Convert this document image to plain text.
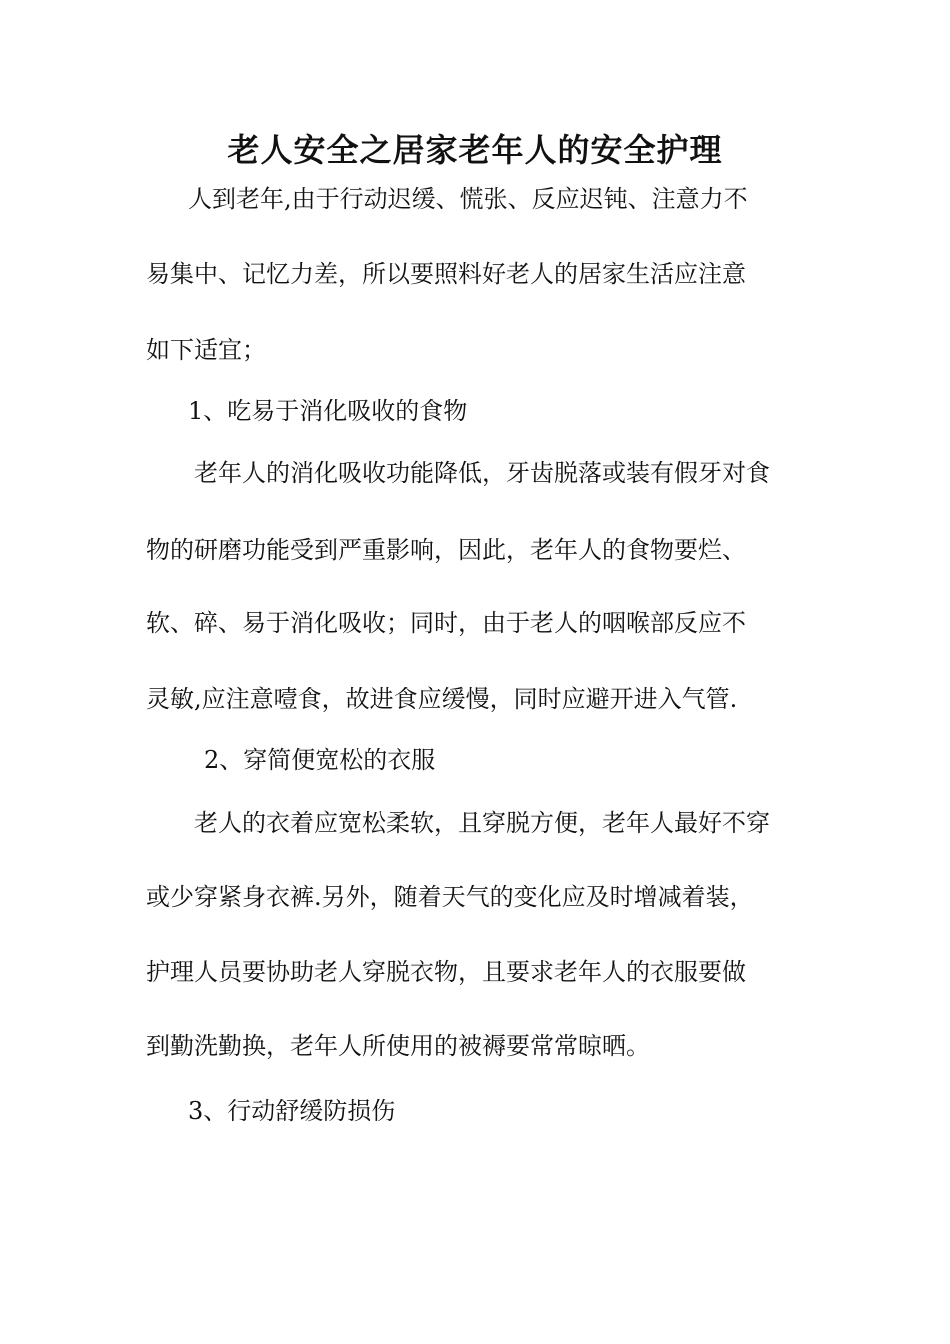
老人安全之居家老年人的安全护理

人到老年,由于行动迟缓、慌张、反应迟钝、注意力不

易集中、记忆力差，所以要照料好老人的居家生活应注意

如下适宜；

1、吃易于消化吸收的食物

老年人的消化吸收功能降低，牙齿脱落或装有假牙对食

物的研磨功能受到严重影响，因此，老年人的食物要烂、

软、碎、易于消化吸收；同时，由于老人的咽喉部反应不

灵敏,应注意噎食，故进食应缓慢，同时应避开进入气管.

2、穿简便宽松的衣服

老人的衣着应宽松柔软，且穿脱方便，老年人最好不穿

或少穿紧身衣裤.另外，随着天气的变化应及时增减着装，

护理人员要协助老人穿脱衣物，且要求老年人的衣服要做

到勤洗勤换，老年人所使用的被褥要常常晾晒。

3、行动舒缓防损伤
